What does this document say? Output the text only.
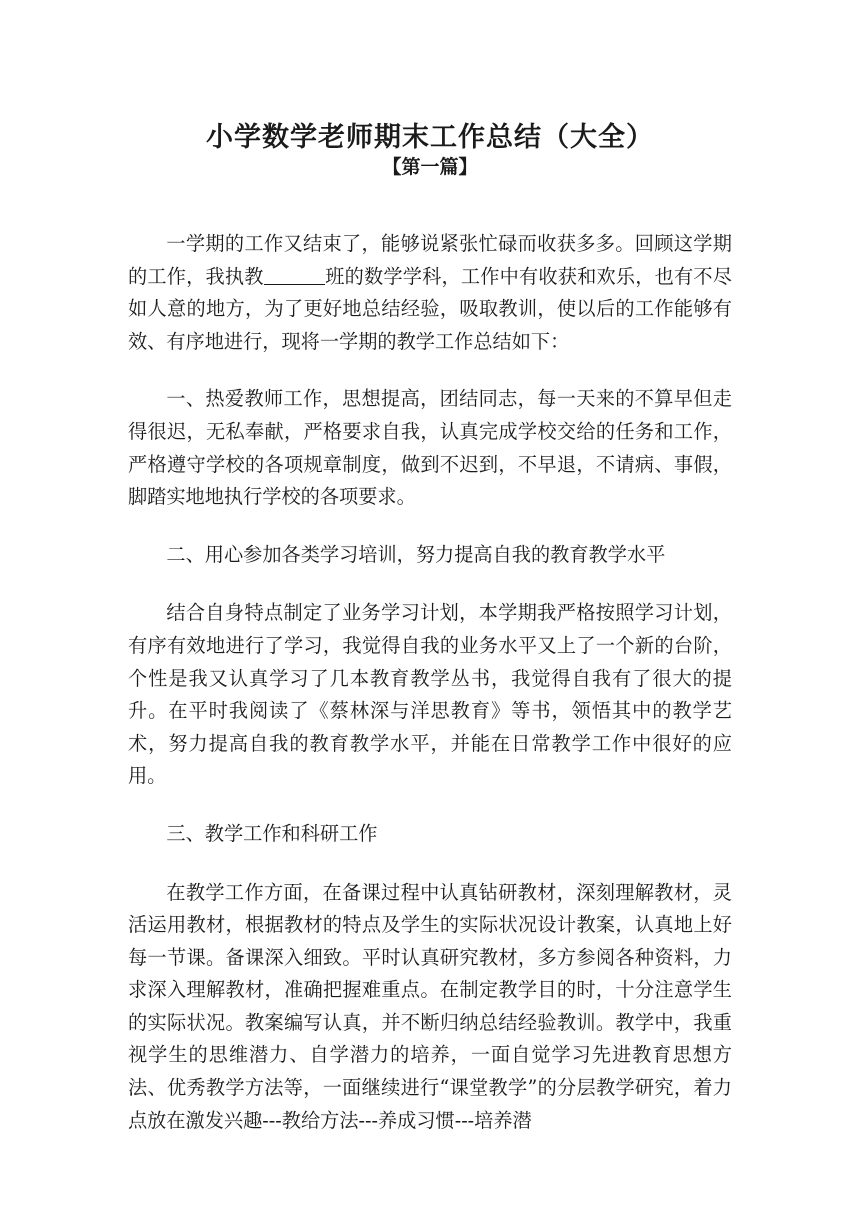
小学数学老师期末工作总结（大全）
【第一篇】

一学期的工作又结束了，能够说紧张忙碌而收获多多。回顾这学期的工作，我执教	班的数学学科，工作中有收获和欢乐，也有不尽如人意的地方，为了更好地总结经验，吸取教训，使以后的工作能够有效、有序地进行，现将一学期的教学工作总结如下：

一、热爱教师工作，思想提高，团结同志，每一天来的不算早但走得很迟，无私奉献，严格要求自我，认真完成学校交给的任务和工作，严格遵守学校的各项规章制度，做到不迟到，不早退，不请病、事假，脚踏实地地执行学校的各项要求。

二、用心参加各类学习培训，努力提高自我的教育教学水平

结合自身特点制定了业务学习计划，本学期我严格按照学习计划，有序有效地进行了学习，我觉得自我的业务水平又上了一个新的台阶，个性是我又认真学习了几本教育教学丛书，我觉得自我有了很大的提升。在平时我阅读了《蔡林深与洋思教育》等书，领悟其中的教学艺术，努力提高自我的教育教学水平，并能在日常教学工作中很好的应用。

三、教学工作和科研工作

在教学工作方面，在备课过程中认真钻研教材，深刻理解教材，灵活运用教材，根据教材的特点及学生的实际状况设计教案，认真地上好每一节课。备课深入细致。平时认真研究教材，多方参阅各种资料，力求深入理解教材，准确把握难重点。在制定教学目的时，十分注意学生的实际状况。教案编写认真，并不断归纳总结经验教训。教学中，我重视学生的思维潜力、自学潜力的培养，一面自觉学习先进教育思想方法、优秀教学方法等，一面继续进行“课堂教学”的分层教学研究，着力点放在激发兴趣---教给方法---养成习惯---培养潜
